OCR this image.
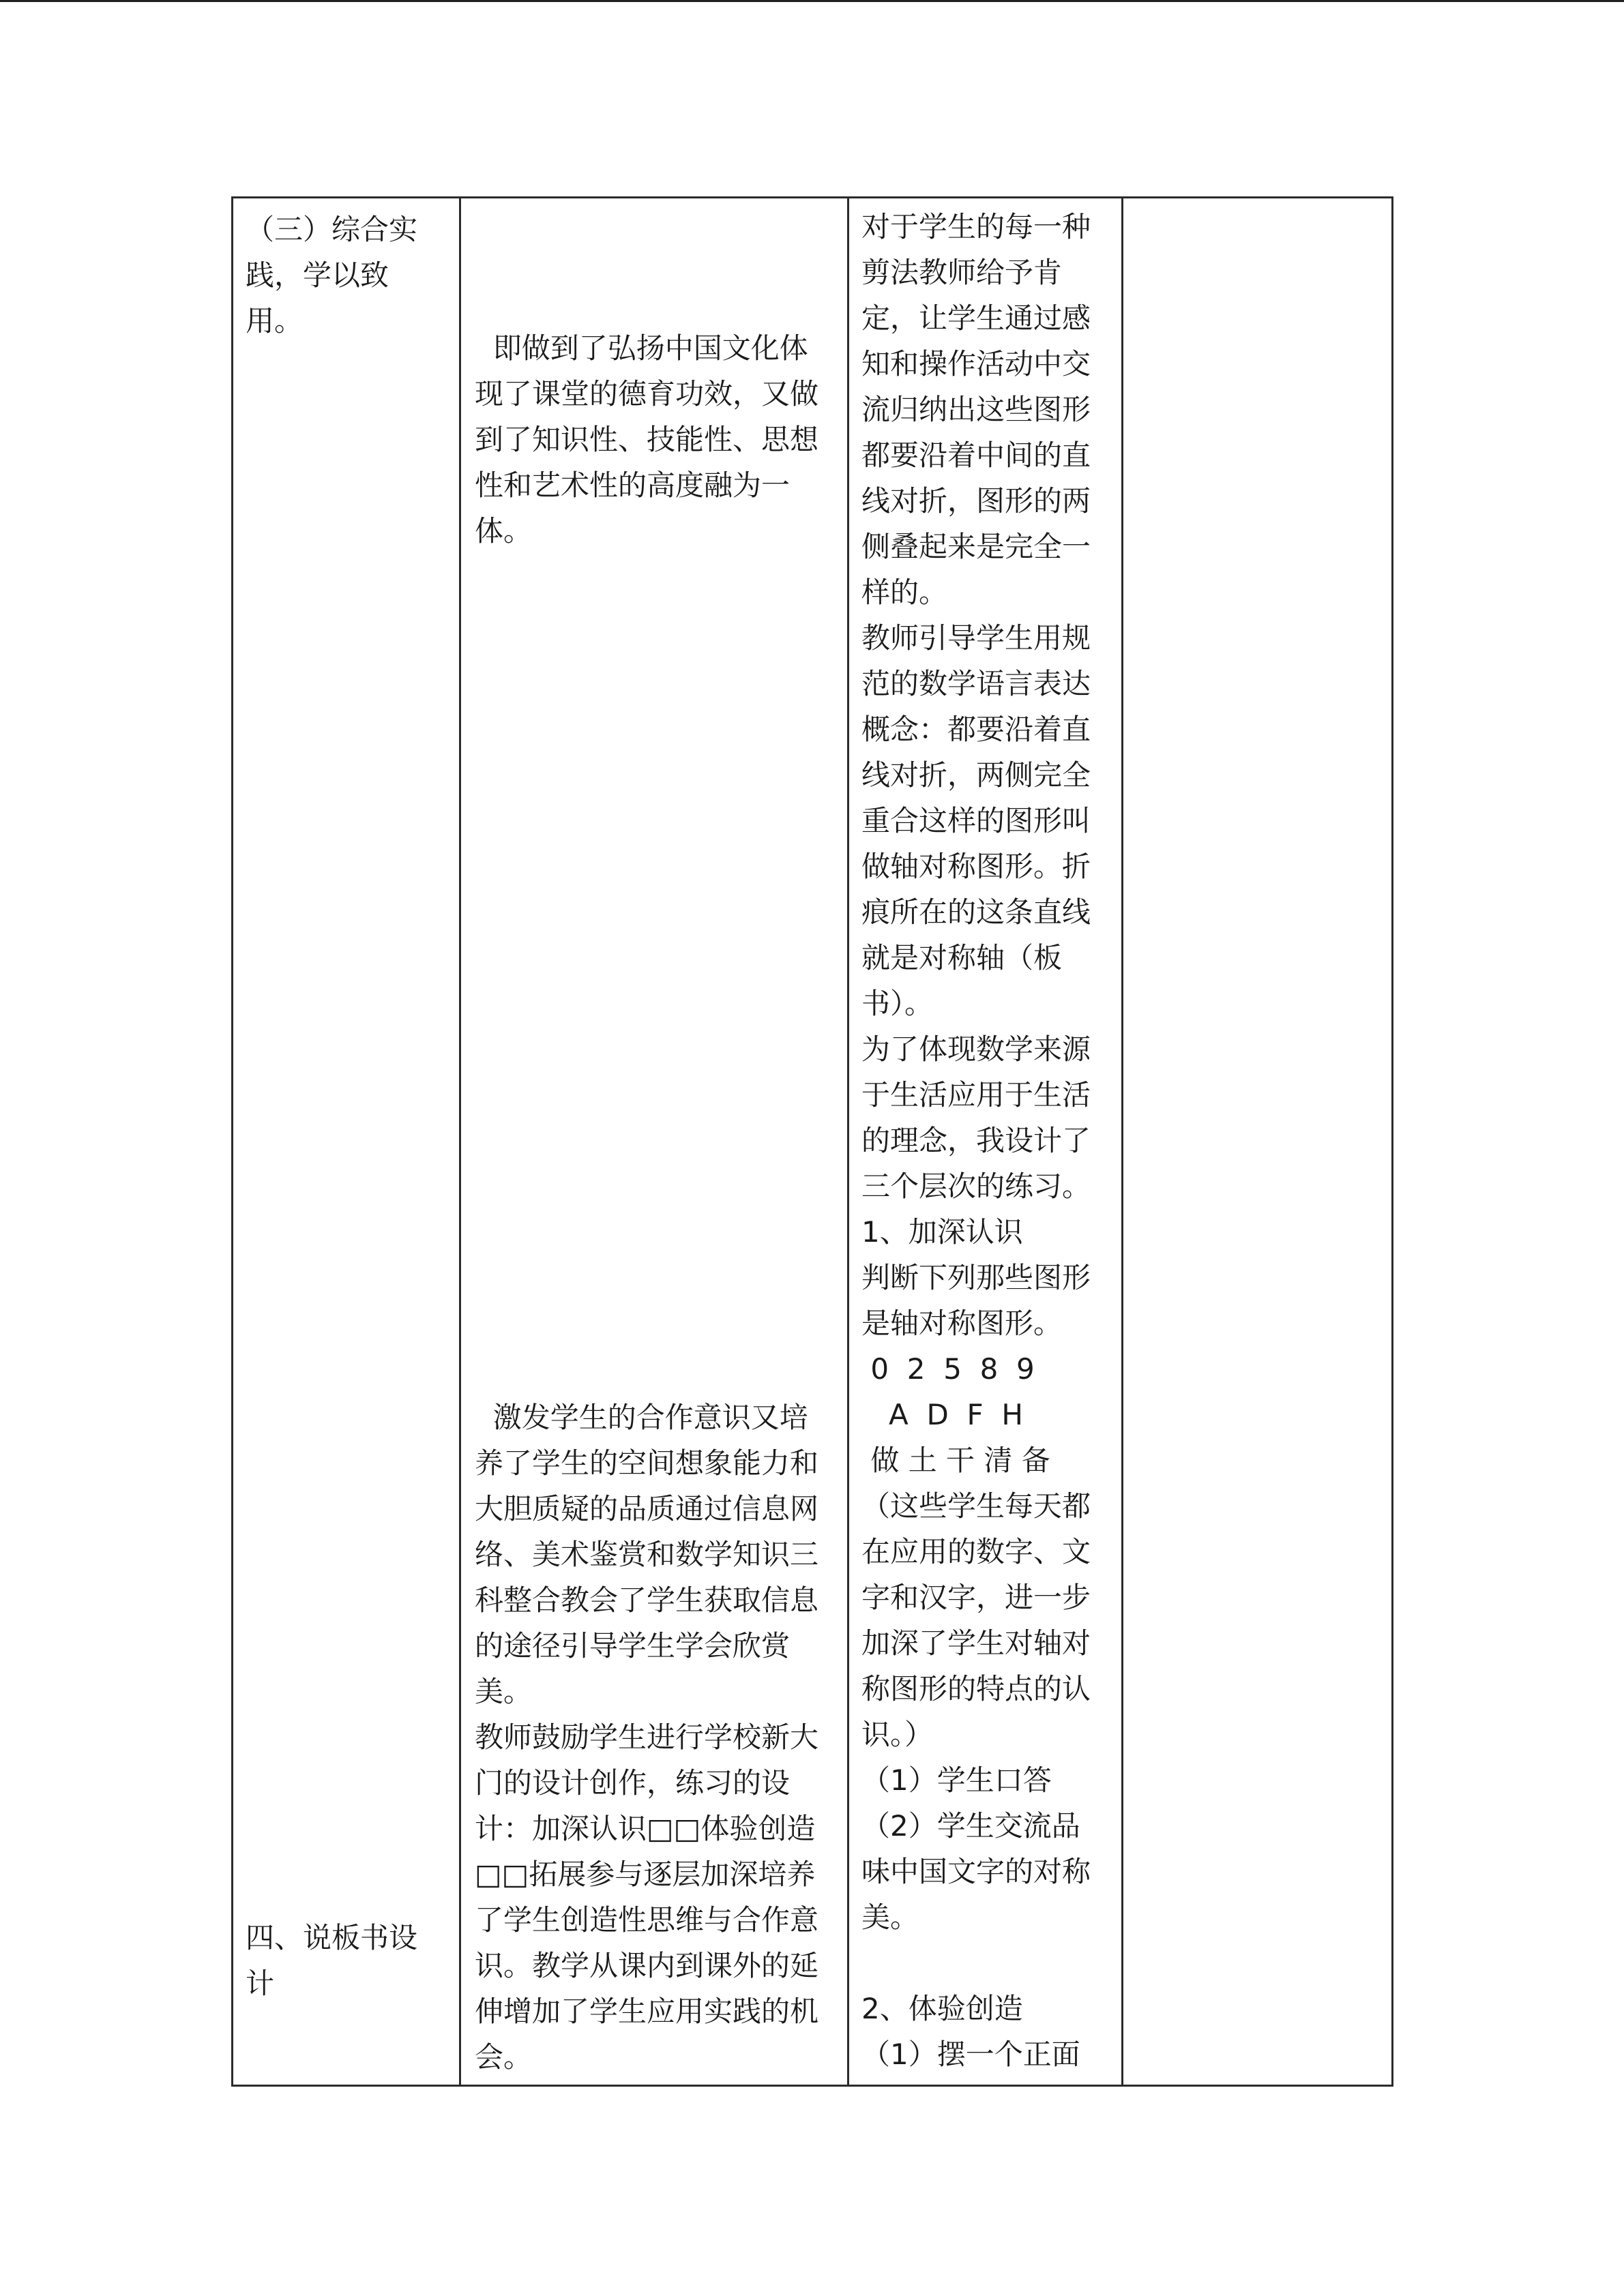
（三）综合实
践，学以致
用。
四、说板书设
计
即做到了弘扬中国文化体
现了课堂的德育功效，又做
到了知识性、技能性、思想
性和艺术性的高度融为一
体。
激发学生的合作意识又培
养了学生的空间想象能力和
大胆质疑的品质通过信息网
络、美术鉴赏和数学知识三
科整合教会了学生获取信息
的途径引导学生学会欣赏
美。
教师鼓励学生进行学校新大
门的设计创作，练习的设
计：加深认识□□体验创造
□□拓展参与逐层加深培养
了学生创造性思维与合作意
识。教学从课内到课外的延
伸增加了学生应用实践的机
会。
对于学生的每一种
剪法教师给予肯
定，让学生通过感
知和操作活动中交
流归纳出这些图形
都要沿着中间的直
线对折，图形的两
侧叠起来是完全一
样的。
教师引导学生用规
范的数学语言表达
概念：都要沿着直
线对折，两侧完全
重合这样的图形叫
做轴对称图形。折
痕所在的这条直线
就是对称轴（板
书）。
为了体现数学来源
于生活应用于生活
的理念，我设计了
三个层次的练习。
1、加深认识
判断下列那些图形
是轴对称图形。
0  2  5  8  9
A  D  F  H
做 土 干 清 备
（这些学生每天都
在应用的数字、文
字和汉字，进一步
加深了学生对轴对
称图形的特点的认
识。）
（1）学生口答
（2）学生交流品
味中国文字的对称
美。
2、体验创造
（1）摆一个正面
